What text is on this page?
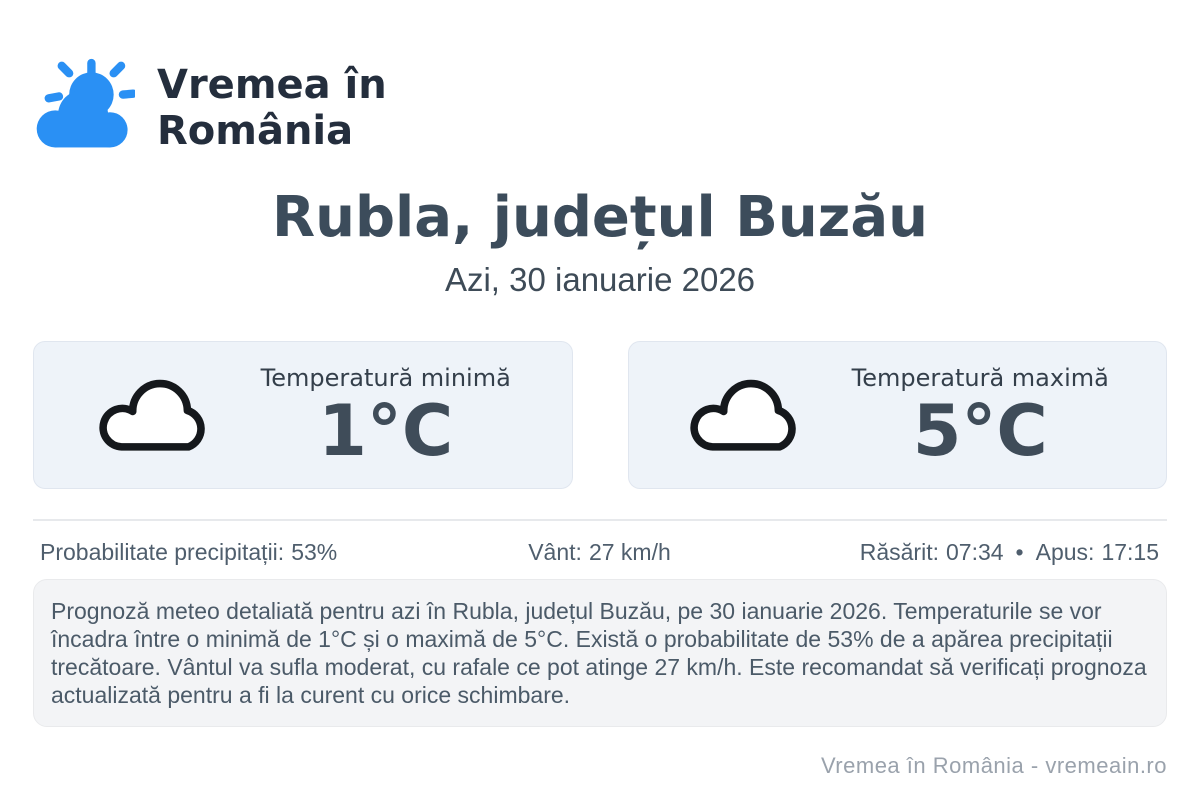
Vremea în
România
Rubla, județul Buzău
Azi, 30 ianuarie 2026
Temperatură minimă
1°C
Temperatură maximă
5°C
Probabilitate precipitații: 53%	Vânt: 27 km/h	Răsărit: 07:34 • Apus: 17:15
Prognoză meteo detaliată pentru azi în Rubla, județul Buzău, pe 30 ianuarie 2026. Temperaturile se vor încadra între o minimă de 1°C și o maximă de 5°C. Există o probabilitate de 53% de a apărea precipitații trecătoare. Vântul va sufla moderat, cu rafale ce pot atinge 27 km/h. Este recomandat să verificați prognoza actualizată pentru a fi la curent cu orice schimbare.
Vremea în România - vremeain.ro
